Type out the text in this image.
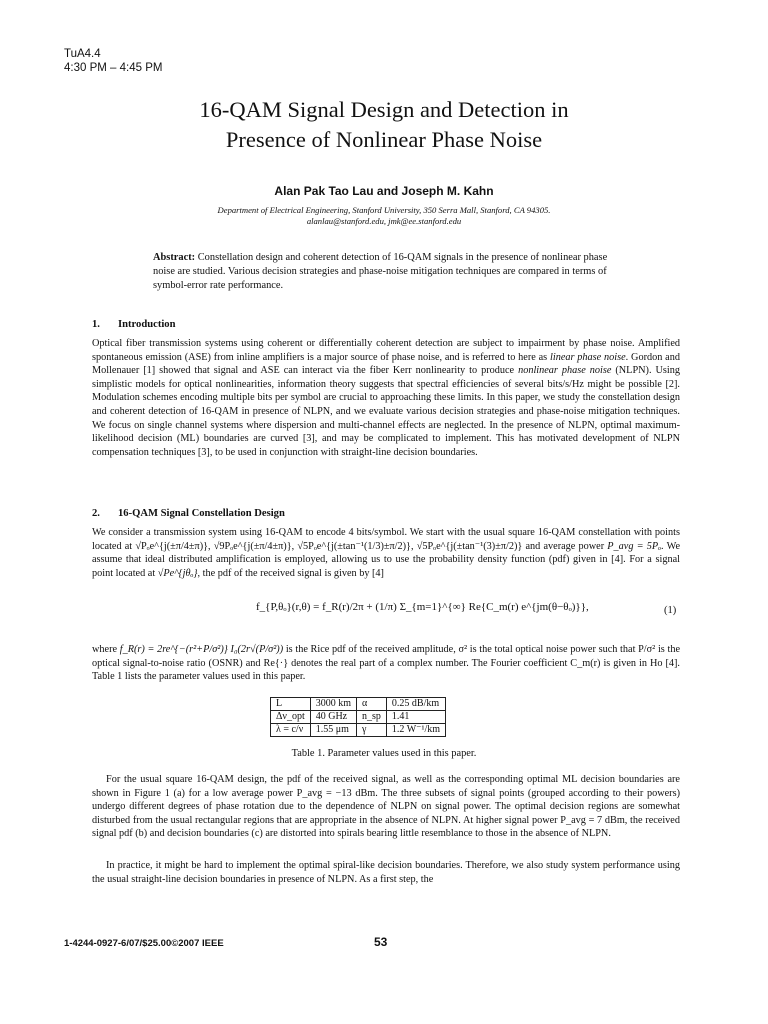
TuA4.4
4:30 PM – 4:45 PM
16-QAM Signal Design and Detection in
Presence of Nonlinear Phase Noise
Alan Pak Tao Lau and Joseph M. Kahn
Department of Electrical Engineering, Stanford University, 350 Serra Mall, Stanford, CA 94305.
alanlau@stanford.edu, jmk@ee.stanford.edu
Abstract: Constellation design and coherent detection of 16-QAM signals in the presence of nonlinear phase noise are studied. Various decision strategies and phase-noise mitigation techniques are compared in terms of symbol-error rate performance.
1. Introduction

Optical fiber transmission systems using coherent or differentially coherent detection are subject to impairment by phase noise. Amplified spontaneous emission (ASE) from inline amplifiers is a major source of phase noise, and is referred to here as linear phase noise. Gordon and Mollenauer [1] showed that signal and ASE can interact via the fiber Kerr nonlinearity to produce nonlinear phase noise (NLPN). Using simplistic models for optical nonlinearities, information theory suggests that spectral efficiencies of several bits/s/Hz might be possible [2]. Modulation schemes encoding multiple bits per symbol are crucial to approaching these limits. In this paper, we study the constellation design and coherent detection of 16-QAM in presence of NLPN, and we evaluate various decision strategies and phase-noise mitigation techniques. We focus on single channel systems where dispersion and multi-channel effects are neglected. In the presence of NLPN, optimal maximum-likelihood decision (ML) boundaries are curved [3], and may be complicated to implement. This has motivated development of NLPN compensation techniques [3], to be used in conjunction with straight-line decision boundaries.

2. 16-QAM Signal Constellation Design

We consider a transmission system using 16-QAM to encode 4 bits/symbol. We start with the usual square 16-QAM constellation with points located at √Pₒe^{j(±π/4±π)}, √9Pₒe^{j(±π/4±π)}, √5Pₒe^{j(±tan⁻¹(1/3)±π/2)}, √5Pₒe^{j(±tan⁻¹(3)±π/2)} and average power P_avg = 5Pₒ. We assume that ideal distributed amplification is employed, allowing us to use the probability density function (pdf) given in [4]. For a signal point located at √Pe^{jθₒ}, the pdf of the received signal is given by [4]

f_{P,θₒ}(r,θ) = f_R(r)/2π + (1/π) Σ_{m=1}^{∞} Re{C_m(r) e^{jm(θ−θₒ)}},	(1)

where f_R(r) = 2re^{−(r²+P/σ²)} I₀(2r√(P/σ²)) is the Rice pdf of the received amplitude, σ² is the total optical noise power such that P/σ² is the optical signal-to-noise ratio (OSNR) and Re{·} denotes the real part of a complex number. The Fourier coefficient C_m(r) is given in Ho [4]. Table 1 lists the parameter values used in this paper.

L	3000 km	α	0.25 dB/km
Δν_opt	40 GHz	n_sp	1.41
λ = c/ν	1.55 μm	γ	1.2 W⁻¹/km
Table 1. Parameter values used in this paper.

For the usual square 16-QAM design, the pdf of the received signal, as well as the corresponding optimal ML decision boundaries are shown in Figure 1 (a) for a low average power P_avg = −13 dBm. The three subsets of signal points (grouped according to their powers) undergo different degrees of phase rotation due to the dependence of NLPN on signal power. The optimal decision regions are somewhat disturbed from the usual rectangular regions that are appropriate in the absence of NLPN. At higher signal power P_avg = 7 dBm, the received signal pdf (b) and decision boundaries (c) are distorted into spirals bearing little resemblance to those in the absence of NLPN.

In practice, it might be hard to implement the optimal spiral-like decision boundaries. Therefore, we also study system performance using the usual straight-line decision boundaries in presence of NLPN. As a first step, the

1-4244-0927-6/07/$25.00©2007 IEEE	53
